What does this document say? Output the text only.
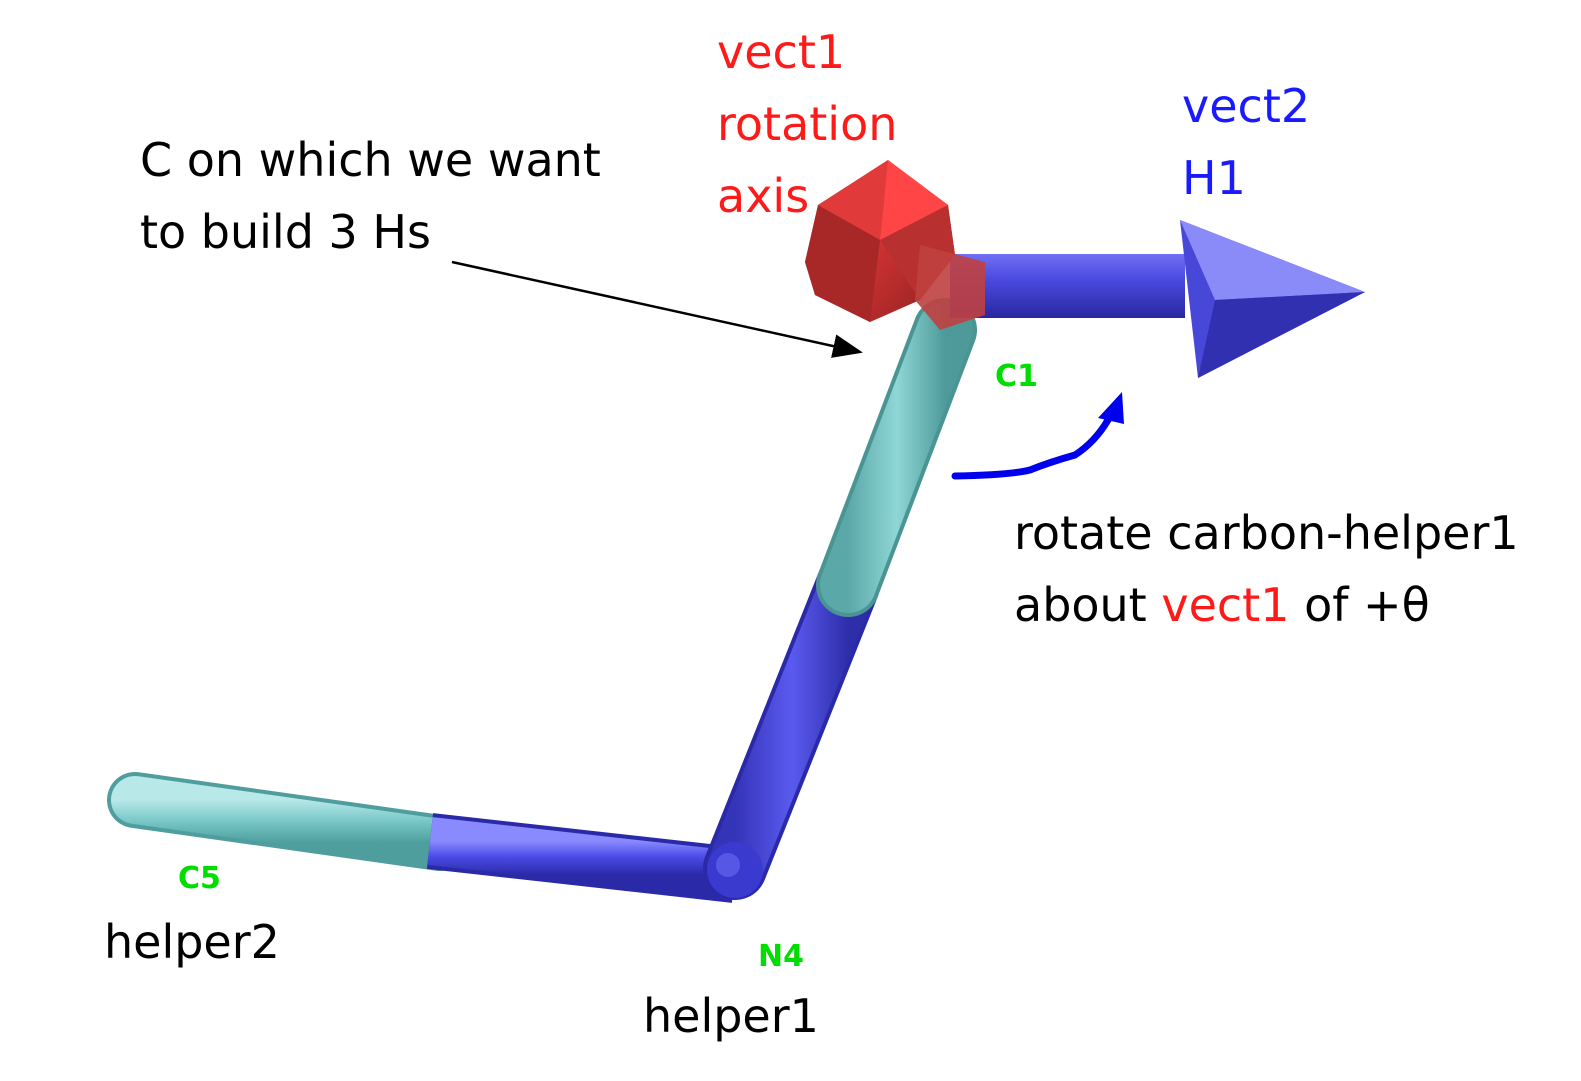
C on which we want
to build 3 Hs
vect1
rotation
axis
vect2
H1
rotate carbon-helper1
about vect1 of +θ
helper2
helper1
C1
C5
N4
